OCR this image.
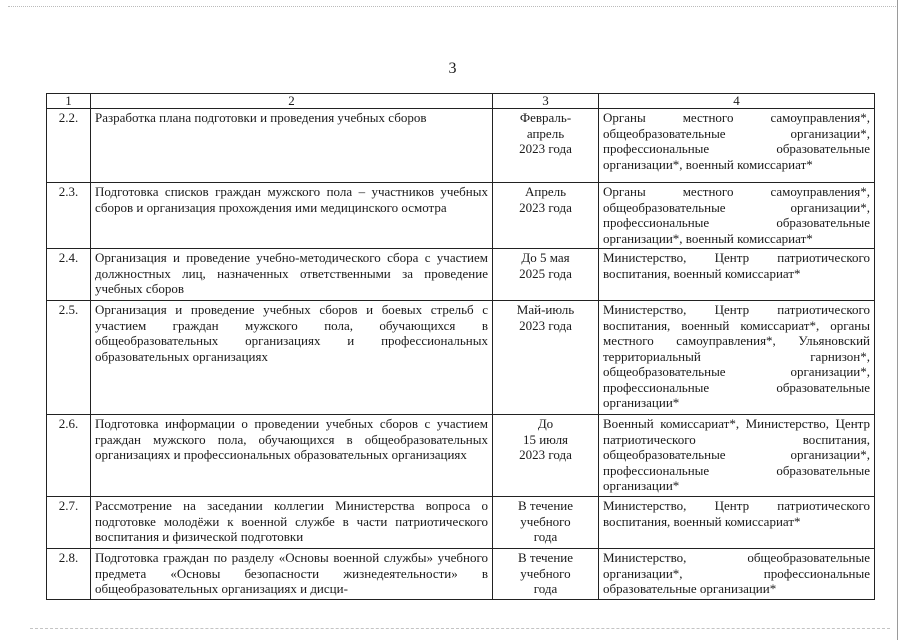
3
1	2	3	4
2.2.	Разработка плана подготовки и проведения учебных сборов	Февраль-
апрель
2023 года	Органы местного самоуправления*, общеобразовательные организации*, профессиональные образовательные организации*, военный комиссариат*
2.3.	Подготовка списков граждан мужского пола – участников учебных сборов и организация прохождения ими медицинского осмотра	Апрель
2023 года	Органы местного самоуправления*, общеобразовательные организации*, профессиональные образовательные организации*, военный комиссариат*
2.4.	Организация и проведение учебно-методического сбора с участием должностных лиц, назначенных ответственными за проведение учебных сборов	До 5 мая
2025 года	Министерство, Центр патриотического воспитания, военный комиссариат*
2.5.	Организация и проведение учебных сборов и боевых стрельб с участием граждан мужского пола, обучающихся в общеобразовательных организациях и профессиональных образовательных организациях	Май-июль
2023 года	Министерство, Центр патриотического воспитания, военный комиссариат*, органы местного самоуправления*, Ульяновский территориальный гарнизон*, общеобразовательные организации*, профессиональные образовательные организации*
2.6.	Подготовка информации о проведении учебных сборов с участием граждан мужского пола, обучающихся в общеобразовательных организациях и профессиональных образовательных организациях	До
15 июля
2023 года	Военный комиссариат*, Министерство, Центр патриотического воспитания, общеобразовательные организации*, профессиональные образовательные организации*
2.7.	Рассмотрение на заседании коллегии Министерства вопроса о подготовке молодёжи к военной службе в части патриотического воспитания и физической подготовки	В течение
учебного
года	Министерство, Центр патриотического воспитания, военный комиссариат*
2.8.	Подготовка граждан по разделу «Основы военной службы» учебного предмета «Основы безопасности жизнедеятельности» в общеобразовательных организациях и дисци-	В течение
учебного
года	Министерство, общеобразовательные организации*, профессиональные образовательные организации*
